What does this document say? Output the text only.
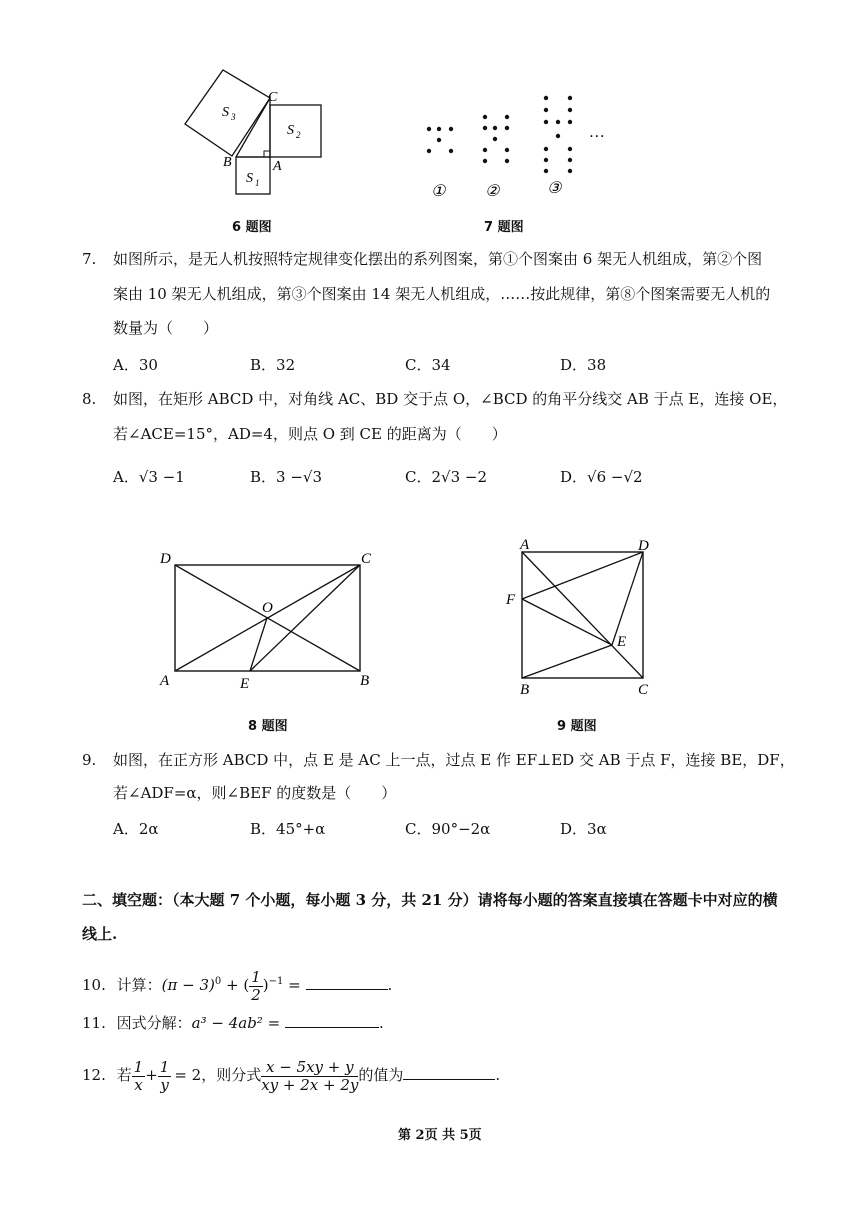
S 3
S 2
S 1
C
B	A
6 题图
…
① ②	③
7 题图
7. 如图所示，是无人机按照特定规律变化摆出的系列图案，第①个图案由 6 架无人机组成，第②个图
案由 10 架无人机组成，第③个图案由 14 架无人机组成，……按此规律，第⑧个图案需要无人机的
数量为（　　）
A．30	B．32	C．34	D．38
8. 如图，在矩形 ABCD 中，对角线 AC、BD 交于点 O，∠BCD 的角平分线交 AB 于点 E，连接 OE，
若∠ACE=15°，AD=4，则点 O 到 CE 的距离为（　　）
A．√3 −1	B．3 −√3	C．2√3 −2	D．√6 −√2
D	C
O
A	E	B
8 题图
A	D
F
E
B	C
9 题图
9. 如图，在正方形 ABCD 中，点 E 是 AC 上一点，过点 E 作 EF⊥ED 交 AB 于点 F，连接 BE，DF，
若∠ADF=α，则∠BEF 的度数是（　　）
A．2α	B．45°+α	C．90°−2α	D．3α
二、填空题：（本大题 7 个小题，每小题 3 分，共 21 分）请将每小题的答案直接填在答题卡中对应的横
线上.
10. 计算：$(\pi - 3)^0$ + ( $\frac{1}{2} )^{-1}$ =	.
11. 因式分解：a³ − 4ab² =	.
12. 若 $\frac{1}{x} + \frac{1}{y} = 2$，则分式 $\frac{x - 5xy + y}{xy + 2x + 2y}$ 的值为	.
第 2页 共 5页
